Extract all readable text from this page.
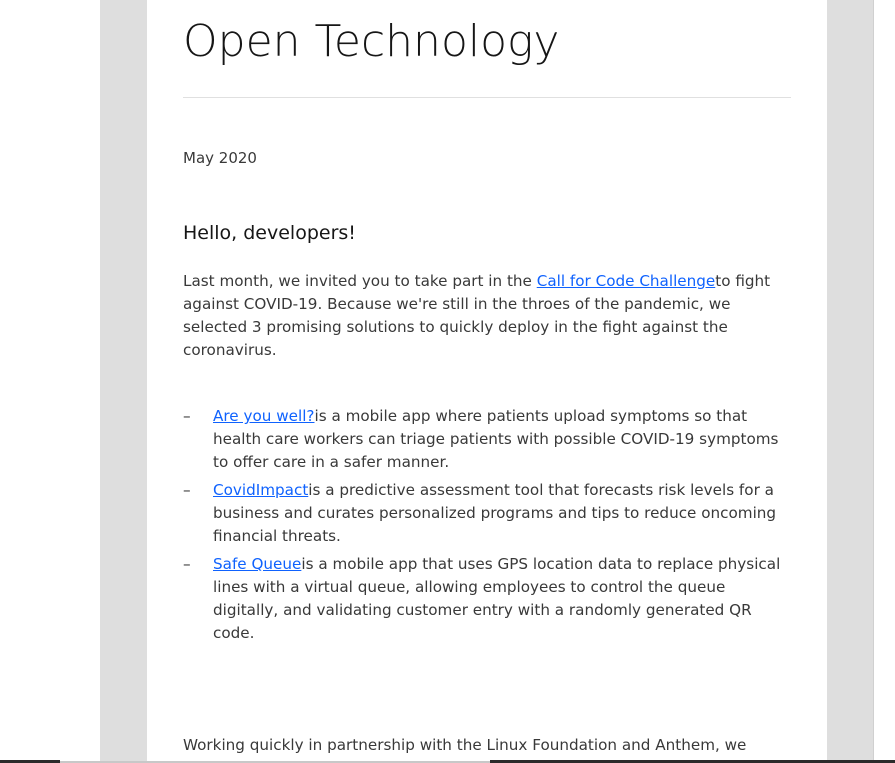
Open Technology
May 2020
Hello, developers!

Last month, we invited you to take part in the Call for Code Challengeto fight against COVID-19. Because we're still in the throes of the pandemic, we selected 3 promising solutions to quickly deploy in the fight against the coronavirus.

– Are you well?is a mobile app where patients upload symptoms so that health care workers can triage patients with possible COVID-19 symptoms to offer care in a safer manner.
– CovidImpactis a predictive assessment tool that forecasts risk levels for a business and curates personalized programs and tips to reduce oncoming financial threats.
– Safe Queueis a mobile app that uses GPS location data to replace physical lines with a virtual queue, allowing employees to control the queue digitally, and validating customer entry with a randomly generated QR code.

Working quickly in partnership with the Linux Foundation and Anthem, we
